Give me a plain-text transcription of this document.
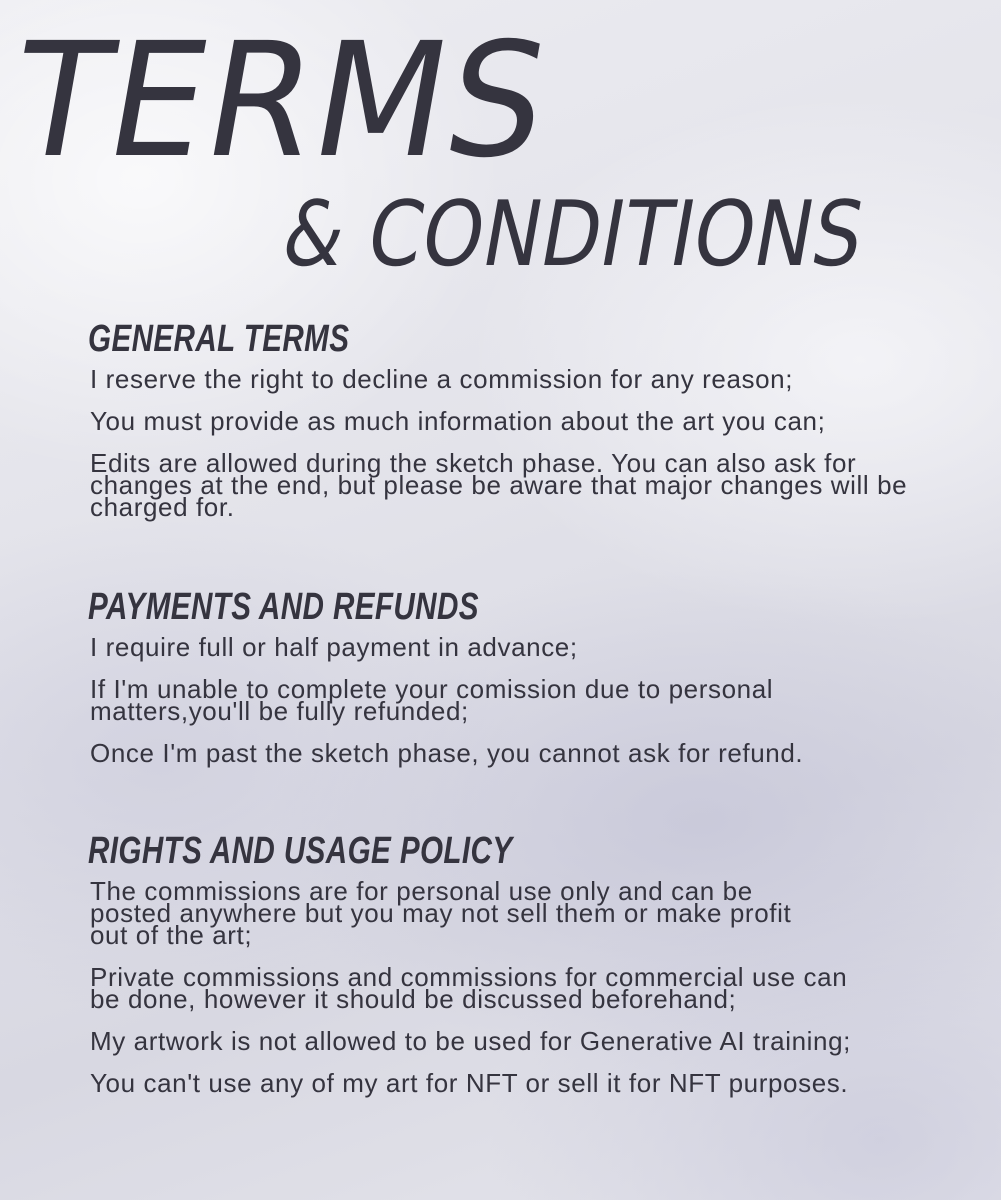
TERMS
& CONDITIONS
GENERAL TERMS

I reserve the right to decline a commission for any reason;

You must provide as much information about the art you can;

Edits are allowed during the sketch phase. You can also ask for changes at the end, but please be aware that major changes will be charged for.

PAYMENTS AND REFUNDS

I require full or half payment in advance;

If I'm unable to complete your comission due to personal matters,you'll be fully refunded;

Once I'm past the sketch phase, you cannot ask for refund.

RIGHTS AND USAGE POLICY

The commissions are for personal use only and can be posted anywhere but you may not sell them or make profit out of the art;

Private commissions and commissions for commercial use can be done, however it should be discussed beforehand;

My artwork is not allowed to be used for Generative AI training;

You can't use any of my art for NFT or sell it for NFT purposes.
